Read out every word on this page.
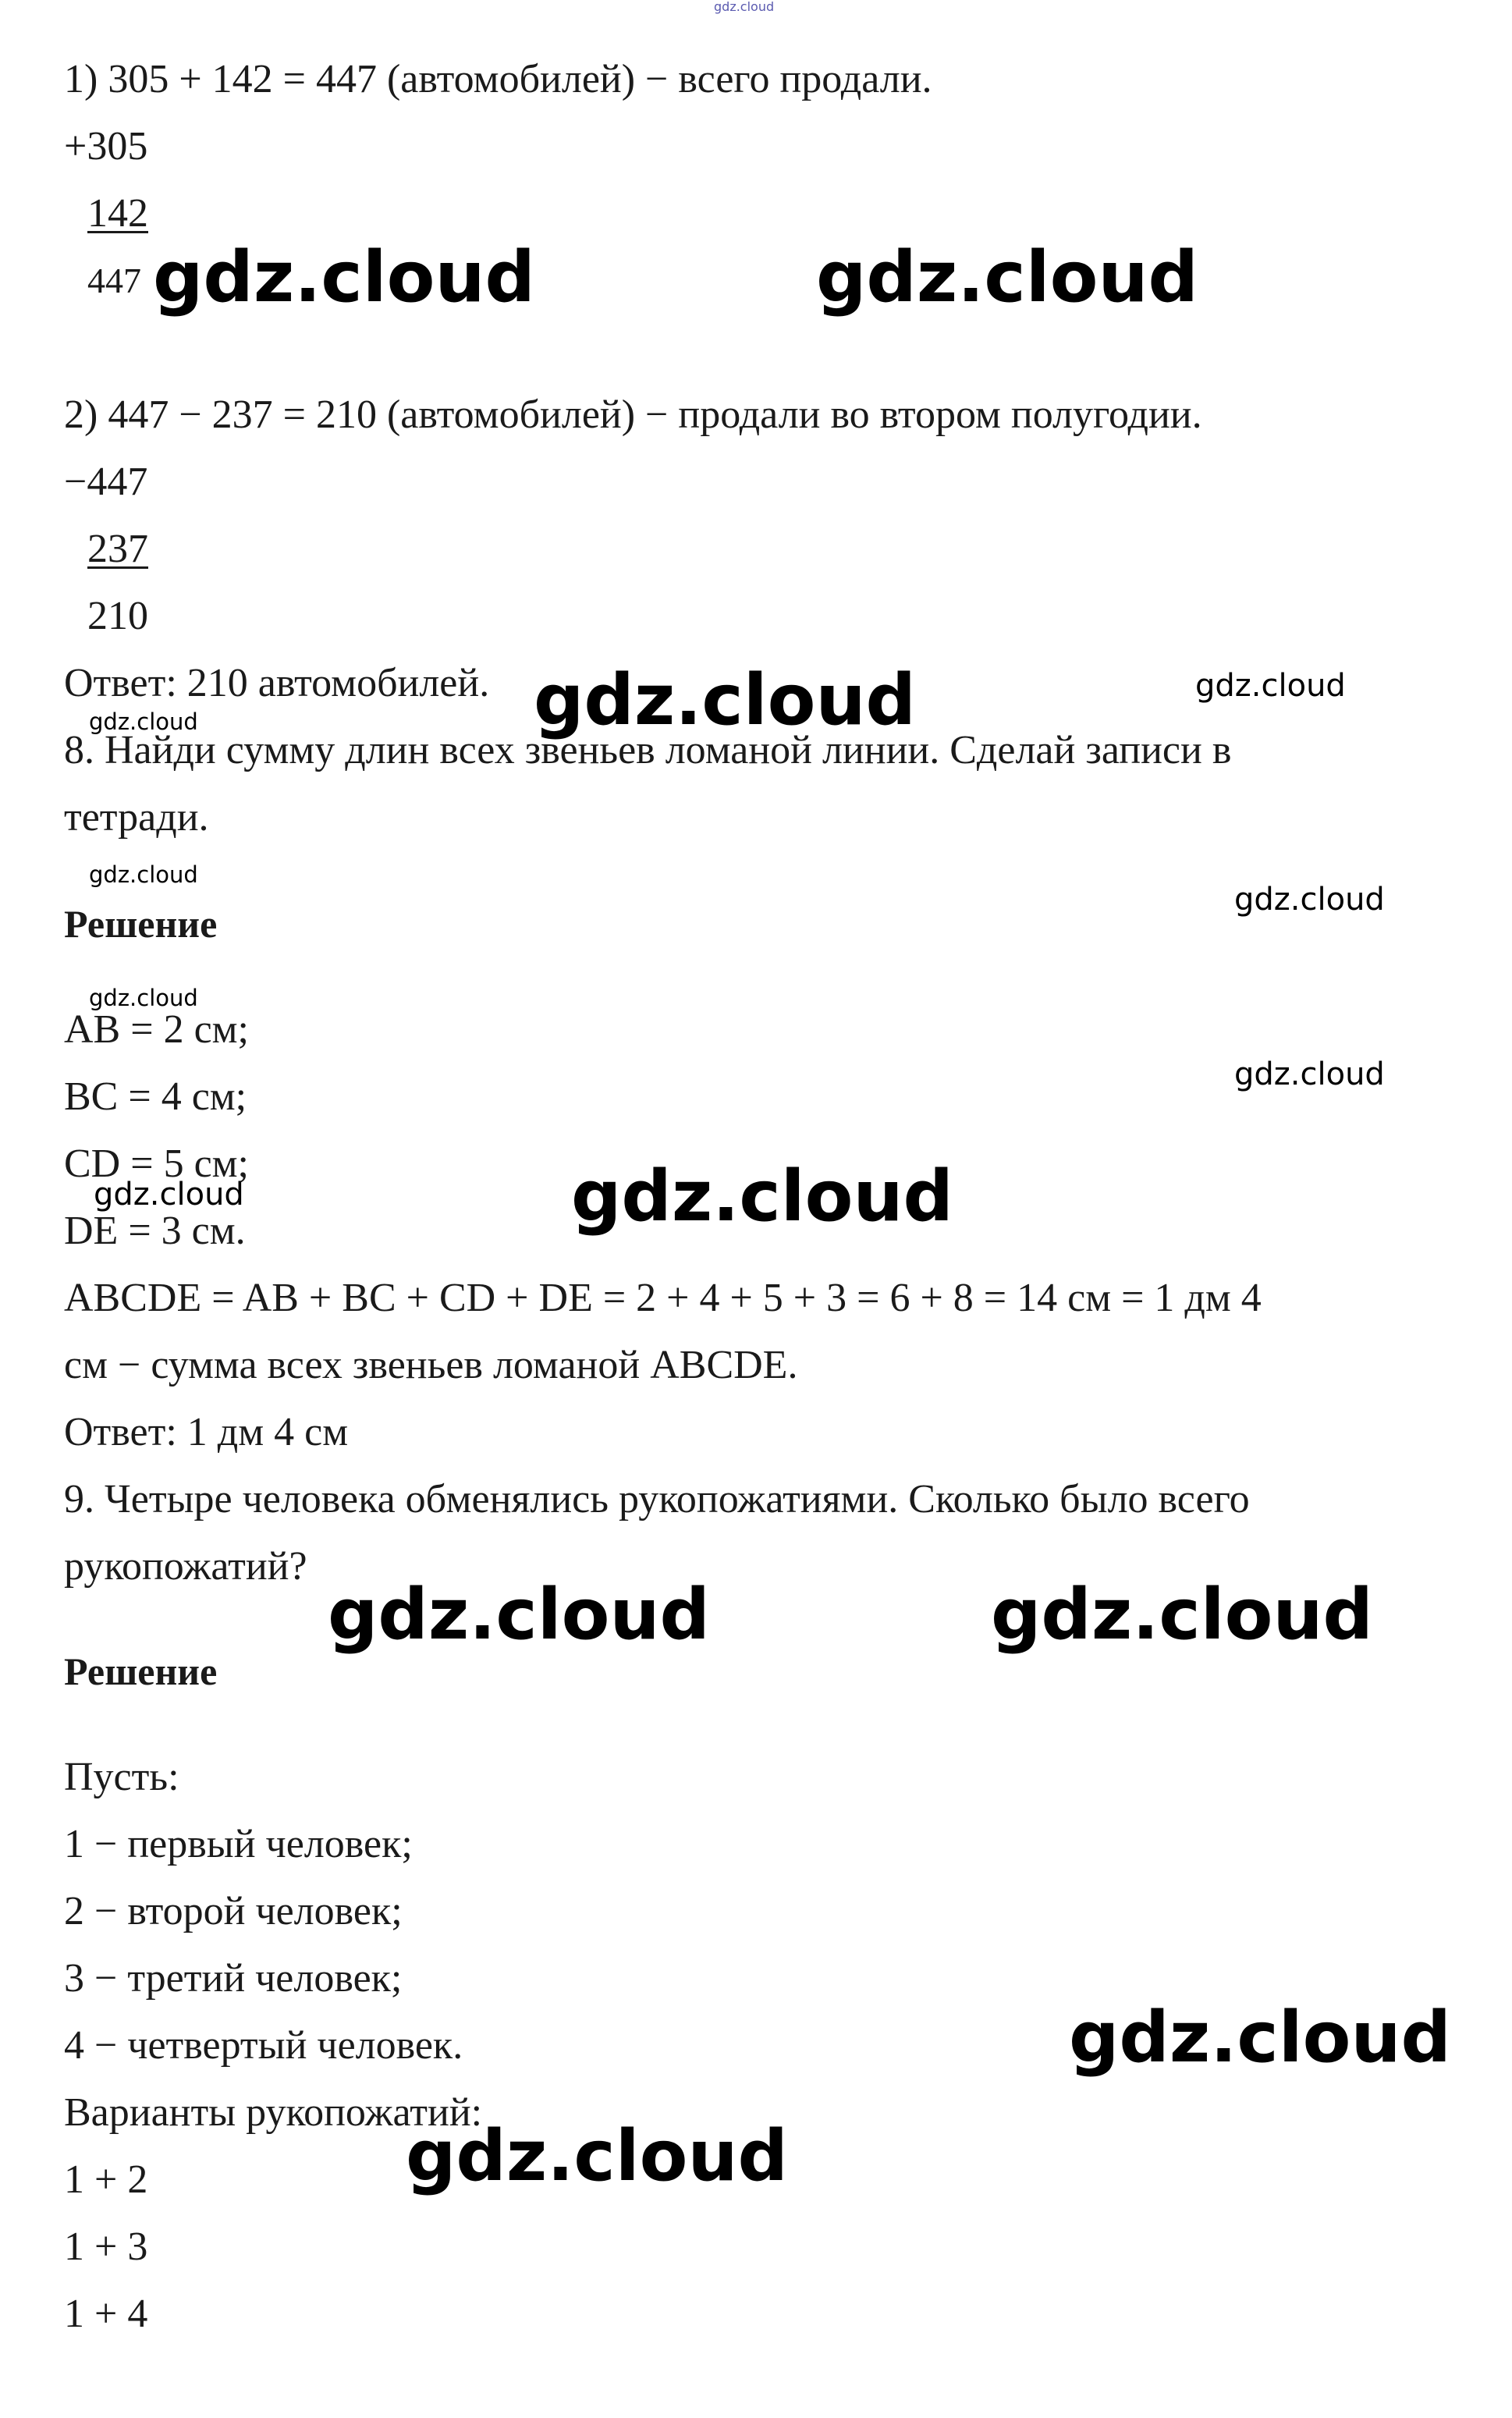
gdz.cloud
1) 305 + 142 = 447 (автомобилей) − всего продали.
+305
142
447 gdz.cloud	gdz.cloud
2) 447 − 237 = 210 (автомобилей) − продали во втором полугодии.
−447
237
210
Ответ: 210 автомобилей. gdz.cloud	gdz.cloud
gdz.cloud
8. Найди сумму длин всех звеньев ломаной линии. Сделай записи в
тетради.
gdz.cloud
Решение
gdz.cloud
gdz.cloud
AB = 2 см;
BC = 4 см;	gdz.cloud
CD = 5 см;
gdz.cloud
DE = 3 см.	gdz.cloud
ABCDE = AB + BC + CD + DE = 2 + 4 + 5 + 3 = 6 + 8 = 14 см = 1 дм 4
см − сумма всех звеньев ломаной ABCDE.
Ответ: 1 дм 4 см
9. Четыре человека обменялись рукопожатиями. Сколько было всего
рукопожатий?
gdz.cloud	gdz.cloud
Решение
Пусть:
1 − первый человек;
2 − второй человек;
3 − третий человек;
4 − четвертый человек.	gdz.cloud
Варианты рукопожатий:
gdz.cloud
1 + 2
1 + 3
1 + 4
